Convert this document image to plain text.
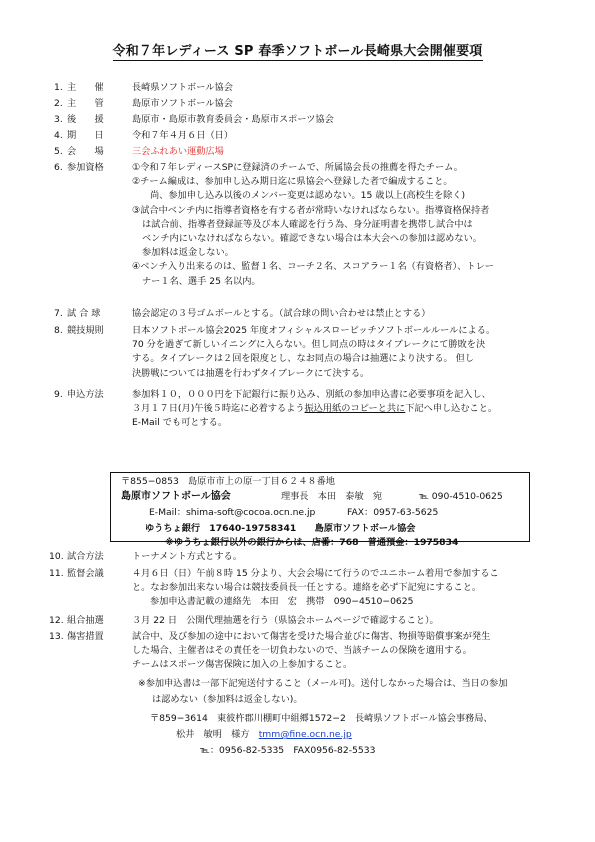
令和７年レディース SP 春季ソフトボール長崎県大会開催要項
1. 主　　催	長崎県ソフトボール協会
2. 主　　管	島原市ソフトボール協会
3. 後　　援	島原市・島原市教育委員会・島原市スポーツ協会
4. 期　　日	令和７年４月６日（日）
5. 会　　場	三会ふれあい運動広場
6. 参加資格	①令和７年レディースSPに登録済のチームで、所属協会長の推薦を得たチーム。
②チーム編成は、参加申し込み期日迄に県協会へ登録した者で編成すること。
尚、参加申し込み以後のメンバー変更は認めない。15 歳以上(高校生を除く)
③試合中ベンチ内に指導者資格を有する者が常時いなければならない。指導資格保持者
は試合前、指導者登録証等及び本人確認を行う為、身分証明書を携帯し試合中は
ベンチ内にいなければならない。確認できない場合は本大会への参加は認めない。
参加料は返金しない。
④ベンチ入り出来るのは、監督１名、コーチ２名、スコアラー１名（有資格者）、トレー
ナー１名、選手 25 名以内。
7. 試 合 球	協会認定の３号ゴムボールとする。（試合球の問い合わせは禁止とする）
8. 競技規則	日本ソフトボール協会2025 年度オフィシャルスローピッチソフトボールルールによる。
70 分を過ぎて新しいイニングに入らない。但し同点の時はタイブレークにて勝敗を決
する。タイブレークは２回を限度とし、なお同点の場合は抽選により決する。 但し
決勝戦については抽選を行わずタイブレークにて決する。
9. 申込方法	参加料１０，０００円を下記銀行に振り込み、別紙の参加申込書に必要事項を記入し、
３月１７日(月)午後５時迄に必着するよう振込用紙のコピーと共に下記へ申し込むこと。
E-Mail でも可とする。
〒855−0853　島原市市上の原一丁目６２４８番地
島原市ソフトボール協会	理事長　本田　泰敏　宛	℡ 090-4510-0625
E-Mail：shima-soft@cocoa.ocn.ne.jp	FAX：0957-63-5625
ゆうちょ銀行　17640-19758341　　島原市ソフトボール協会
※ゆうちょ銀行以外の銀行からは、店番：768　普通預金：1975834
10. 試合方法	トーナメント方式とする。
11. 監督会議	４月６日（日）午前８時 15 分より、大会会場にて行うのでユニホーム着用で参加するこ
と。なお参加出来ない場合は競技委員長一任とする。連絡を必ず下記宛にすること。
参加申込書記載の連絡先　本田　宏　携帯　090−4510−0625
12. 組合抽選	３月 22 日　公開代理抽選を行う（県協会ホームページで確認すること）。
13. 傷害措置	試合中、及び参加の途中において傷害を受けた場合並びに傷害、物損等賠償事案が発生
した場合、主催者はその責任を一切負わないので、当該チームの保険を適用する。
チームはスポーツ傷害保険に加入の上参加すること。
※参加申込書は一部下記宛送付すること（メール可)。送付しなかった場合は、当日の参加
は認めない（参加料は返金しない)。
〒859−3614　東彼杵郡川棚町中組郷1572−2　長崎県ソフトボール協会事務局、
松井　敏明　様方　 tmm@fine.ocn.ne.jp
℡：0956-82-5335　FAX0956-82-5533
